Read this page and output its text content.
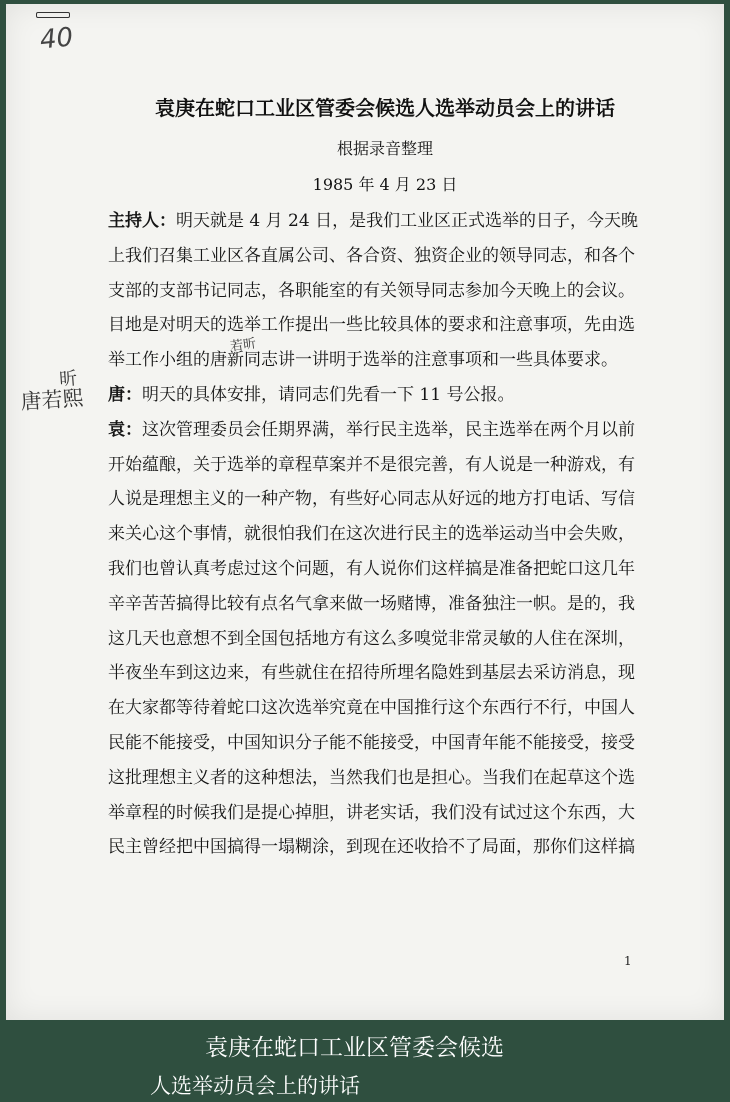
40
昕
唐若熙
若昕
袁庚在蛇口工业区管委会候选人选举动员会上的讲话
根据录音整理
1985 年 4 月 23 日
主持人：明天就是 4 月 24 日，是我们工业区正式选举的日子，今天晚
上我们召集工业区各直属公司、各合资、独资企业的领导同志，和各个
支部的支部书记同志，各职能室的有关领导同志参加今天晚上的会议。
目地是对明天的选举工作提出一些比较具体的要求和注意事项，先由选
举工作小组的唐新同志讲一讲明于选举的注意事项和一些具体要求。
唐：明天的具体安排，请同志们先看一下 11 号公报。
袁：这次管理委员会任期界满，举行民主选举，民主选举在两个月以前
开始蕴酿，关于选举的章程草案并不是很完善，有人说是一种游戏，有
人说是理想主义的一种产物，有些好心同志从好远的地方打电话、写信
来关心这个事情，就很怕我们在这次进行民主的选举运动当中会失败，
我们也曾认真考虑过这个问题，有人说你们这样搞是准备把蛇口这几年
辛辛苦苦搞得比较有点名气拿来做一场赌博，准备独注一帜。是的，我
这几天也意想不到全国包括地方有这么多嗅觉非常灵敏的人住在深圳，
半夜坐车到这边来，有些就住在招待所埋名隐姓到基层去采访消息，现
在大家都等待着蛇口这次选举究竟在中国推行这个东西行不行，中国人
民能不能接受，中国知识分子能不能接受，中国青年能不能接受，接受
这批理想主义者的这种想法，当然我们也是担心。当我们在起草这个选
举章程的时候我们是提心掉胆，讲老实话，我们没有试过这个东西，大
民主曾经把中国搞得一塌糊涂，到现在还收拾不了局面，那你们这样搞
1
袁庚在蛇口工业区管委会候选
人选举动员会上的讲话
